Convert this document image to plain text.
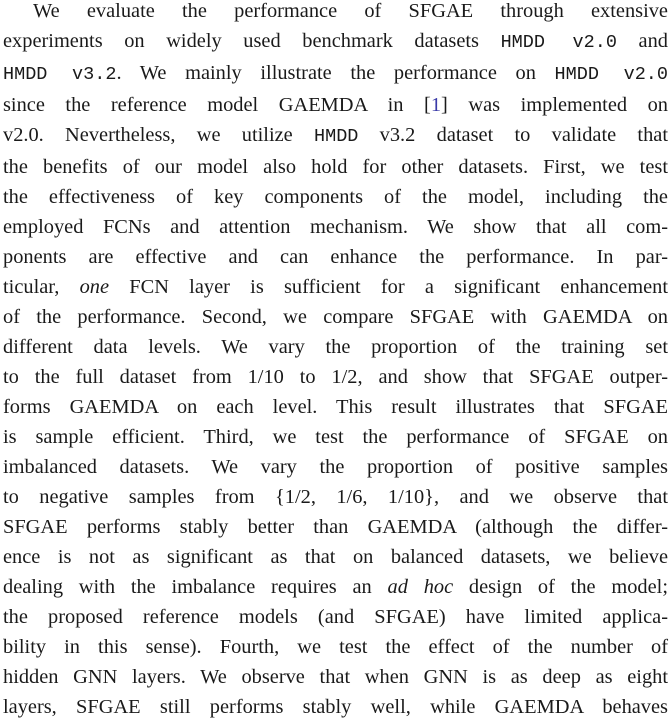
We evaluate the performance of SFGAE through extensive
experiments on widely used benchmark datasets HMDD v2.0 and
HMDD v3.2. We mainly illustrate the performance on HMDD v2.0
since the reference model GAEMDA in [1] was implemented on
v2.0. Nevertheless, we utilize HMDD v3.2 dataset to validate that
the benefits of our model also hold for other datasets. First, we test
the effectiveness of key components of the model, including the
employed FCNs and attention mechanism. We show that all com-
ponents are effective and can enhance the performance. In par-
ticular, one FCN layer is sufficient for a significant enhancement
of the performance. Second, we compare SFGAE with GAEMDA on
different data levels. We vary the proportion of the training set
to the full dataset from 1/10 to 1/2, and show that SFGAE outper-
forms GAEMDA on each level. This result illustrates that SFGAE
is sample efficient. Third, we test the performance of SFGAE on
imbalanced datasets. We vary the proportion of positive samples
to negative samples from {1/2, 1/6, 1/10}, and we observe that
SFGAE performs stably better than GAEMDA (although the differ-
ence is not as significant as that on balanced datasets, we believe
dealing with the imbalance requires an ad hoc design of the model;
the proposed reference models (and SFGAE) have limited applica-
bility in this sense). Fourth, we test the effect of the number of
hidden GNN layers. We observe that when GNN is as deep as eight
layers, SFGAE still performs stably well, while GAEMDA behaves
